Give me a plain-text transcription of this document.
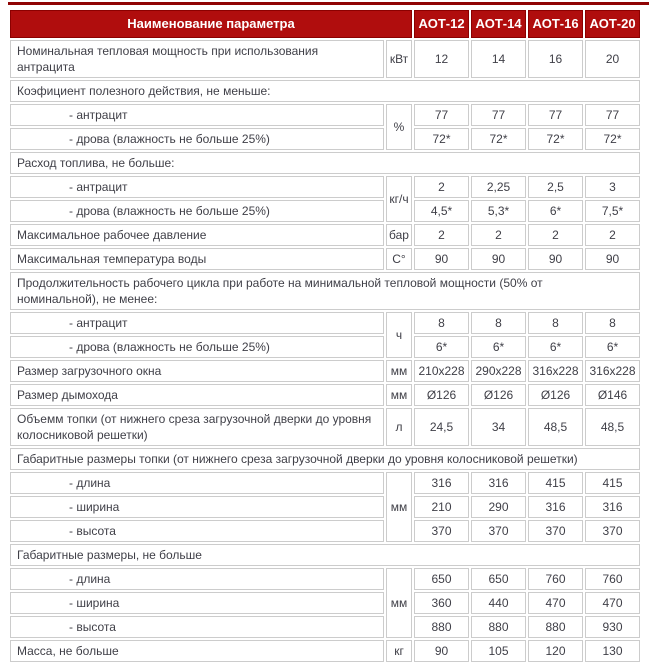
Наименование параметра		АОТ-12	АОТ-14	АОТ-16	АОТ-20
Номинальная тепловая мощность при использования антрацита	кВт	12	14	16	20
Коэфициент полезного действия, не меньше:					
- антрацит	%	77	77	77	77
- дрова (влажность не больше 25%)		72*	72*	72*	72*
Расход топлива, не больше:					
- антрацит	кг/ч	2	2,25	2,5	3
- дрова (влажность не больше 25%)		4,5*	5,3*	6*	7,5*
Максимальное рабочее давление	бар	2	2	2	2
Максимальная температура воды	С°	90	90	90	90
Продолжительность рабочего цикла при работе на минимальной тепловой мощности (50% от номинальной), не менее:					
- антрацит	ч	8	8	8	8
- дрова (влажность не больше 25%)		6*	6*	6*	6*
Размер загрузочного окна	мм	210х228	290х228	316х228	316х228
Размер дымохода	мм	Ø126	Ø126	Ø126	Ø146
Объемм топки (от нижнего среза загрузочной дверки до уровня колосниковой решетки)	л	24,5	34	48,5	48,5
Габаритные размеры топки (от нижнего среза загрузочной дверки до уровня колосниковой решетки)					
- длина	мм	316	316	415	415
- ширина		210	290	316	316
- высота		370	370	370	370
Габаритные размеры, не больше					
- длина	мм	650	650	760	760
- ширина		360	440	470	470
- высота		880	880	880	930
Масса, не больше	кг	90	105	120	130
